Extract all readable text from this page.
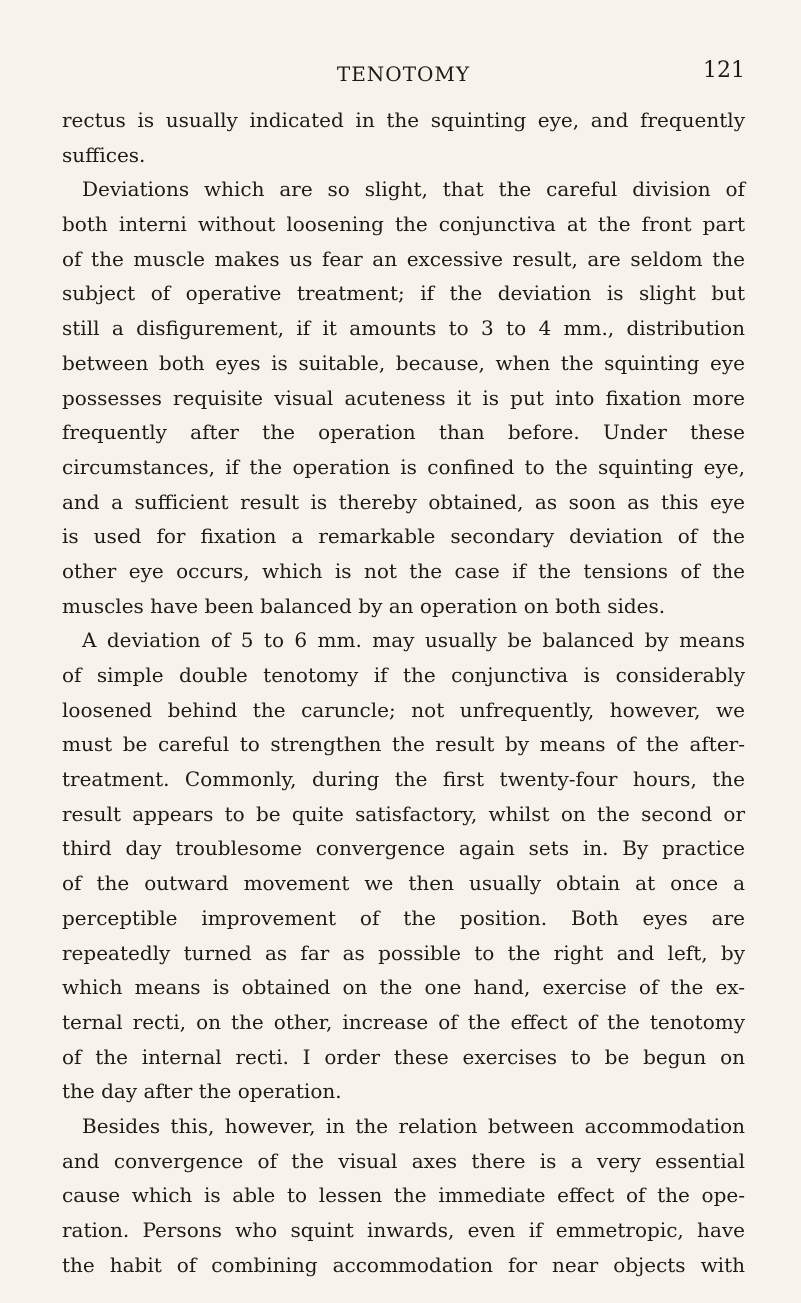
TENOTOMY	121
rectus is usually indicated in the squinting eye, and frequently
suffices.
Deviations which are so slight, that the careful division of
both interni without loosening the conjunctiva at the front part
of the muscle makes us fear an excessive result, are seldom the
subject of operative treatment; if the deviation is slight but
still a disfigurement, if it amounts to 3 to 4 mm., distribution
between both eyes is suitable, because, when the squinting eye
possesses requisite visual acuteness it is put into fixation more
frequently after the operation than before. Under these
circumstances, if the operation is confined to the squinting eye,
and a sufficient result is thereby obtained, as soon as this eye
is used for fixation a remarkable secondary deviation of the
other eye occurs, which is not the case if the tensions of the
muscles have been balanced by an operation on both sides.
A deviation of 5 to 6 mm. may usually be balanced by means
of simple double tenotomy if the conjunctiva is considerably
loosened behind the caruncle; not unfrequently, however, we
must be careful to strengthen the result by means of the after-
treatment. Commonly, during the first twenty-four hours, the
result appears to be quite satisfactory, whilst on the second or
third day troublesome convergence again sets in. By practice
of the outward movement we then usually obtain at once a
perceptible improvement of the position. Both eyes are
repeatedly turned as far as possible to the right and left, by
which means is obtained on the one hand, exercise of the ex-
ternal recti, on the other, increase of the effect of the tenotomy
of the internal recti. I order these exercises to be begun on
the day after the operation.
Besides this, however, in the relation between accommodation
and convergence of the visual axes there is a very essential
cause which is able to lessen the immediate effect of the ope-
ration. Persons who squint inwards, even if emmetropic, have
the habit of combining accommodation for near objects with
